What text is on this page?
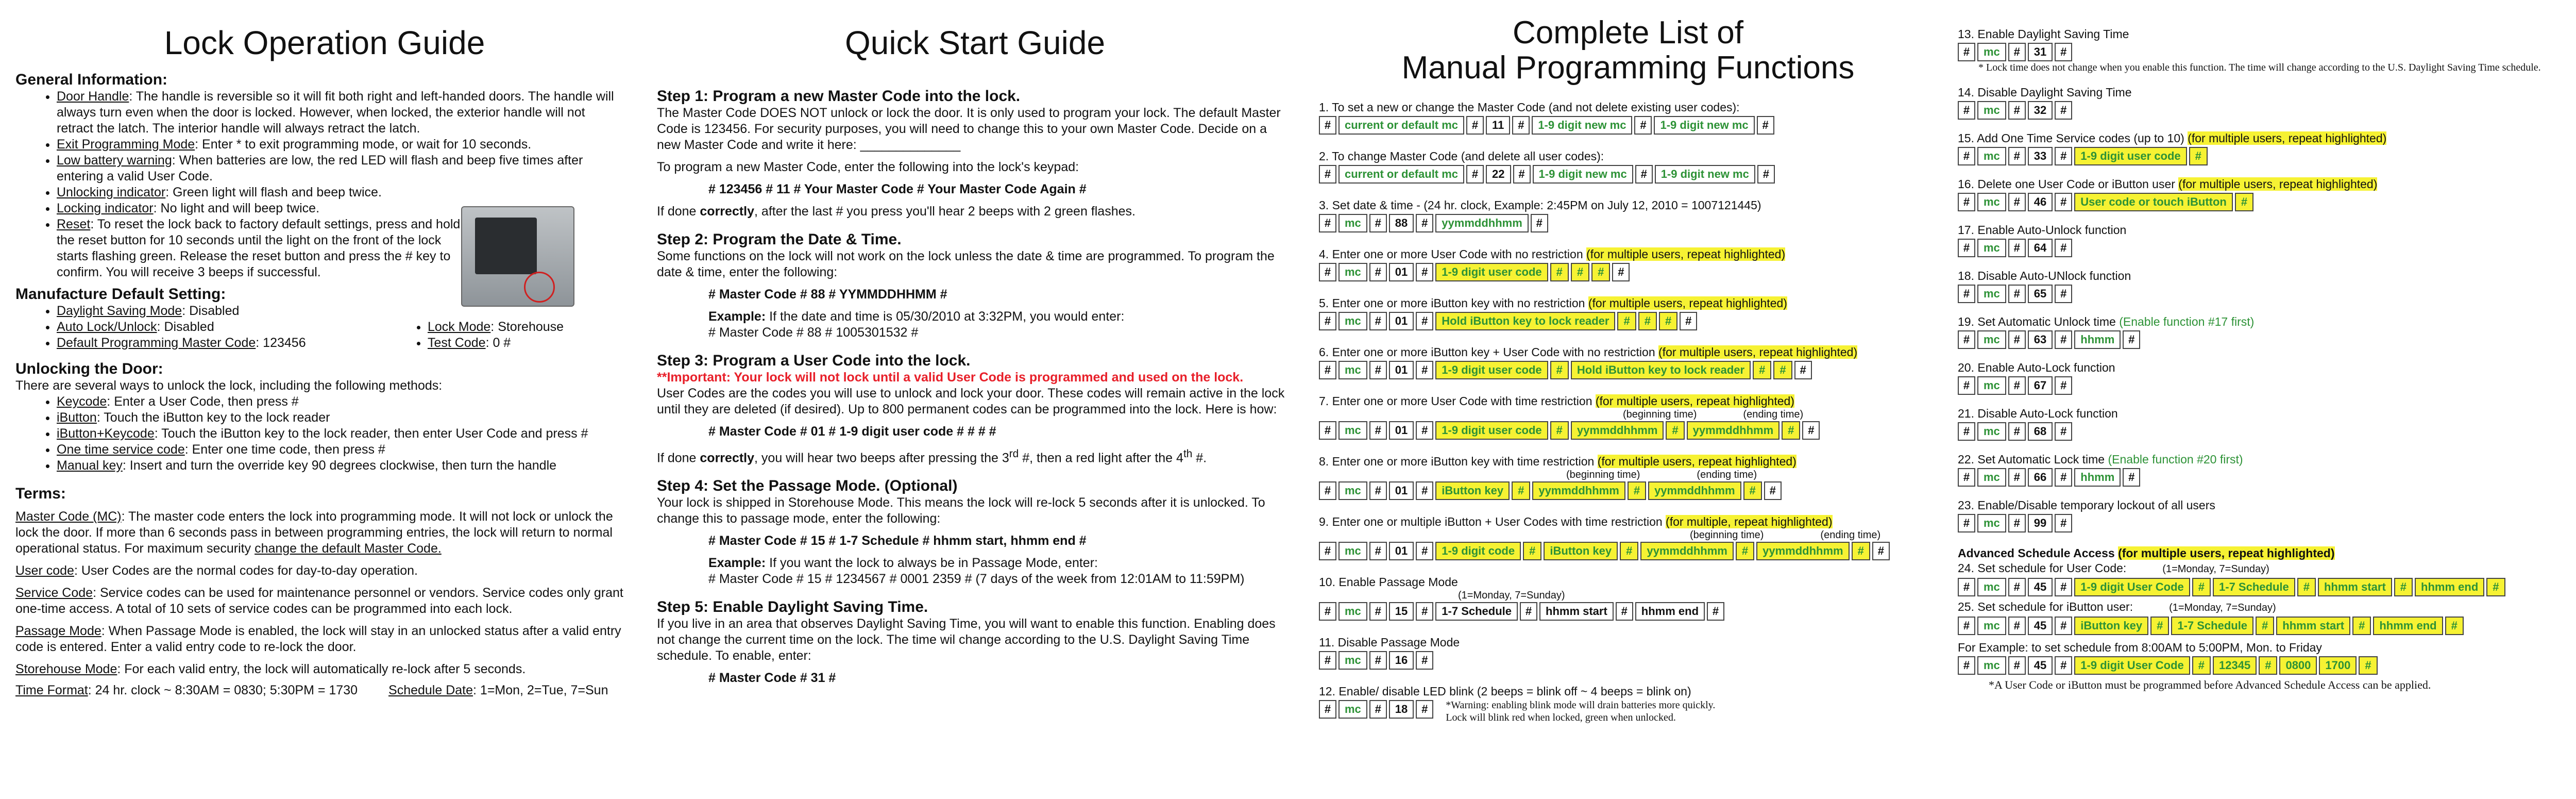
Lock Operation Guide
General Information:
• Door Handle: The handle is reversible so it will fit both right and left-handed doors. The handle will always turn even when the door is locked. However, when locked, the exterior handle will not retract the latch. The interior handle will always retract the latch.
• Exit Programming Mode: Enter * to exit programming mode, or wait for 10 seconds.
• Low battery warning: When batteries are low, the red LED will flash and beep five times after entering a valid User Code.
• Unlocking indicator: Green light will flash and beep twice.
• Locking indicator: No light and will beep twice.
• Reset: To reset the lock back to factory default settings, press and hold the reset button for 10 seconds until the light on the front of the lock starts flashing green. Release the reset button and press the # key to confirm. You will receive 3 beeps if successful.
Manufacture Default Setting:
• Daylight Saving Mode: Disabled
• Auto Lock/Unlock: Disabled
• Default Programming Master Code: 123456
• Lock Mode: Storehouse
• Test Code: 0 #
Unlocking the Door:

There are several ways to unlock the lock, including the following methods:

• Keycode: Enter a User Code, then press #
• iButton: Touch the iButton key to the lock reader
• iButton+Keycode: Touch the iButton key to the lock reader, then enter User Code and press #
• One time service code: Enter one time code, then press #
• Manual key: Insert and turn the override key 90 degrees clockwise, then turn the handle
Terms:

Master Code (MC): The master code enters the lock into programming mode. It will not lock or unlock the lock the door. If more than 6 seconds pass in between programming entries, the lock will return to normal operational status. For maximum security change the default Master Code.

User code: User Codes are the normal codes for day-to-day operation.

Service Code: Service codes can be used for maintenance personnel or vendors. Service codes only grant one-time access. A total of 10 sets of service codes can be programmed into each lock.

Passage Mode: When Passage Mode is enabled, the lock will stay in an unlocked status after a valid entry code is entered. Enter a valid entry code to re-lock the door.

Storehouse Mode: For each valid entry, the lock will automatically re-lock after 5 seconds.

Time Format: 24 hr. clock ~ 8:30AM = 0830; 5:30PM = 1730 Schedule Date: 1=Mon, 2=Tue, 7=Sun

Quick Start Guide
Step 1: Program a new Master Code into the lock.

The Master Code DOES NOT unlock or lock the door. It is only used to program your lock. The default Master Code is 123456. For security purposes, you will need to change this to your own Master Code. Decide on a new Master Code and write it here: ______________

To program a new Master Code, enter the following into the lock's keypad:

# 123456 # 11 # Your Master Code # Your Master Code Again #

If done correctly, after the last # you press you'll hear 2 beeps with 2 green flashes.

Step 2: Program the Date & Time.

Some functions on the lock will not work on the lock unless the date & time are programmed. To program the date & time, enter the following:

# Master Code # 88 # YYMMDDHHMM #

Example: If the date and time is 05/30/2010 at 3:32PM, you would enter:

# Master Code # 88 # 1005301532 #

Step 3: Program a User Code into the lock.

**Important: Your lock will not lock until a valid User Code is programmed and used on the lock.

User Codes are the codes you will use to unlock and lock your door. These codes will remain active in the lock until they are deleted (if desired). Up to 800 permanent codes can be programmed into the lock. Here is how:

# Master Code # 01 # 1-9 digit user code # # # #

If done correctly, you will hear two beeps after pressing the 3rd #, then a red light after the 4th #.

Step 4: Set the Passage Mode. (Optional)

Your lock is shipped in Storehouse Mode. This means the lock will re-lock 5 seconds after it is unlocked. To change this to passage mode, enter the following:

# Master Code # 15 # 1-7 Schedule # hhmm start, hhmm end #

Example: If you want the lock to always be in Passage Mode, enter:

# Master Code # 15 # 1234567 # 0001 2359 # (7 days of the week from 12:01AM to 11:59PM)

Step 5: Enable Daylight Saving Time.

If you live in an area that observes Daylight Saving Time, you will want to enable this function. Enabling does not change the current time on the lock. The time wil change according to the U.S. Daylight Saving Time schedule. To enable, enter:

# Master Code # 31 #

Complete List of
Manual Programming Functions
1. To set a new or change the Master Code (and not delete existing user codes):
#	current or default mc	#	11	#	1-9 digit new mc	#	1-9 digit new mc	#
2. To change Master Code (and delete all user codes):
#	current or default mc	#	22	#	1-9 digit new mc	#	1-9 digit new mc	#
3. Set date & time - (24 hr. clock, Example: 2:45PM on July 12, 2010 = 1007121445)
#	mc	#	88	#	yymmddhhmm	#
4. Enter one or more User Code with no restriction (for multiple users, repeat highlighted)
#	mc	#	01	#	1-9 digit user code	#	#	#	#
5. Enter one or more iButton key with no restriction (for multiple users, repeat highlighted)
#	mc	#	01	#	Hold iButton key to lock reader	#	#	#	#
6. Enter one or more iButton key + User Code with no restriction (for multiple users, repeat highlighted)
#	mc	#	01	#	1-9 digit user code	#	Hold iButton key to lock reader	#	#	#
7. Enter one or more User Code with time restriction (for multiple users, repeat highlighted)
(beginning time)	(ending time)
#	mc	#	01	#	1-9 digit user code	#	yymmddhhmm	#	yymmddhhmm	#	#
8. Enter one or more iButton key with time restriction (for multiple users, repeat highlighted)
(beginning time)	(ending time)
#	mc	#	01	#	iButton key	#	yymmddhhmm	#	yymmddhhmm	#	#
9. Enter one or multiple iButton + User Codes with time restriction (for multiple, repeat highlighted)
(beginning time)	(ending time)
#	mc	#	01	#	1-9 digit code	#	iButton key	#	yymmddhhmm	#	yymmddhhmm	#	#
10. Enable Passage Mode
(1=Monday, 7=Sunday)
#	mc	#	15	#	1-7 Schedule	#	hhmm start	#	hhmm end	#
11. Disable Passage Mode
#	mc	#	16	#
12. Enable/ disable LED blink (2 beeps = blink off ~ 4 beeps = blink on)
#	mc	#	18	#	*Warning: enabling blink mode will drain batteries more quickly.
Lock will blink red when locked, green when unlocked.
13. Enable Daylight Saving Time
#	mc	#	31	#
* Lock time does not change when you enable this function. The time will change according to the U.S. Daylight Saving Time schedule.
14. Disable Daylight Saving Time
#	mc	#	32	#
15. Add One Time Service codes (up to 10) (for multiple users, repeat highlighted)
#	mc	#	33	#	1-9 digit user code	#
16. Delete one User Code or iButton user (for multiple users, repeat highlighted)
#	mc	#	46	#	User code or touch iButton	#
17. Enable Auto-Unlock function
#	mc	#	64	#
18. Disable Auto-UNlock function
#	mc	#	65	#
19. Set Automatic Unlock time (Enable function #17 first)
#	mc	#	63	#	hhmm	#
20. Enable Auto-Lock function
#	mc	#	67	#
21. Disable Auto-Lock function
#	mc	#	68	#
22. Set Automatic Lock time (Enable function #20 first)
#	mc	#	66	#	hhmm	#
23. Enable/Disable temporary lockout of all users
#	mc	#	99	#
Advanced Schedule Access (for multiple users, repeat highlighted)
24. Set schedule for User Code:	(1=Monday, 7=Sunday)
#	mc	#	45	#	1-9 digit User Code	#	1-7 Schedule	#	hhmm start	#	hhmm end	#
25. Set schedule for iButton user:	(1=Monday, 7=Sunday)
#	mc	#	45	#	iButton key	#	1-7 Schedule	#	hhmm start	#	hhmm end	#
For Example: to set schedule from 8:00AM to 5:00PM, Mon. to Friday
#	mc	#	45	#	1-9 digit User Code	#	12345	#	0800	1700	#
*A User Code or iButton must be programmed before Advanced Schedule Access can be applied.
